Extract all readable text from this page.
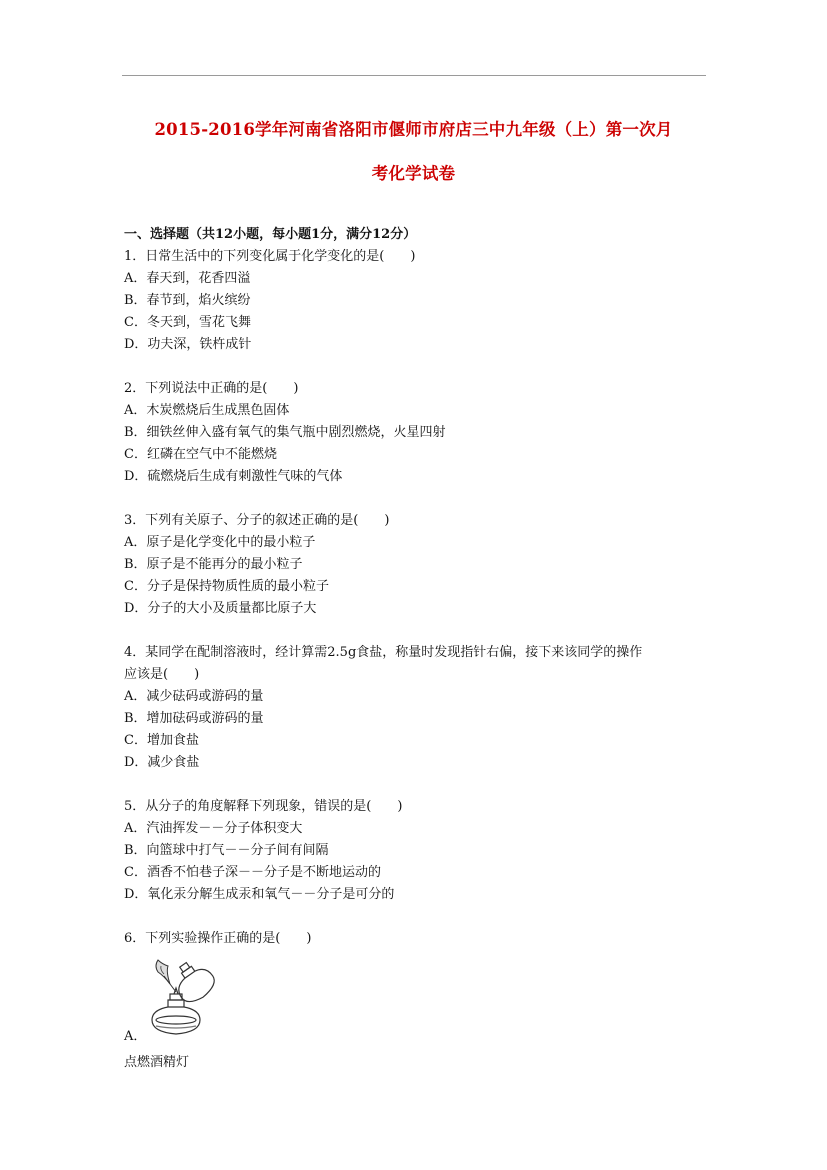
2015-2016学年河南省洛阳市偃师市府店三中九年级（上）第一次月
考化学试卷
一、选择题（共12小题，每小题1分，满分12分）
1．日常生活中的下列变化属于化学变化的是(　　)
A．春天到，花香四溢
B．春节到，焰火缤纷
C．冬天到，雪花飞舞
D．功夫深，铁杵成针
2．下列说法中正确的是(　　)
A．木炭燃烧后生成黑色固体
B．细铁丝伸入盛有氧气的集气瓶中剧烈燃烧，火星四射
C．红磷在空气中不能燃烧
D．硫燃烧后生成有刺激性气味的气体
3．下列有关原子、分子的叙述正确的是(　　)
A．原子是化学变化中的最小粒子
B．原子是不能再分的最小粒子
C．分子是保持物质性质的最小粒子
D．分子的大小及质量都比原子大
4．某同学在配制溶液时，经计算需2.5g食盐，称量时发现指针右偏，接下来该同学的操作
应该是(　　)
A．减少砝码或游码的量
B．增加砝码或游码的量
C．增加食盐
D．减少食盐
5．从分子的角度解释下列现象，错误的是(　　)
A．汽油挥发－－分子体积变大
B．向篮球中打气－－分子间有间隔
C．酒香不怕巷子深－－分子是不断地运动的
D．氧化汞分解生成汞和氧气－－分子是可分的
6．下列实验操作正确的是(　　)
A．
点燃酒精灯
